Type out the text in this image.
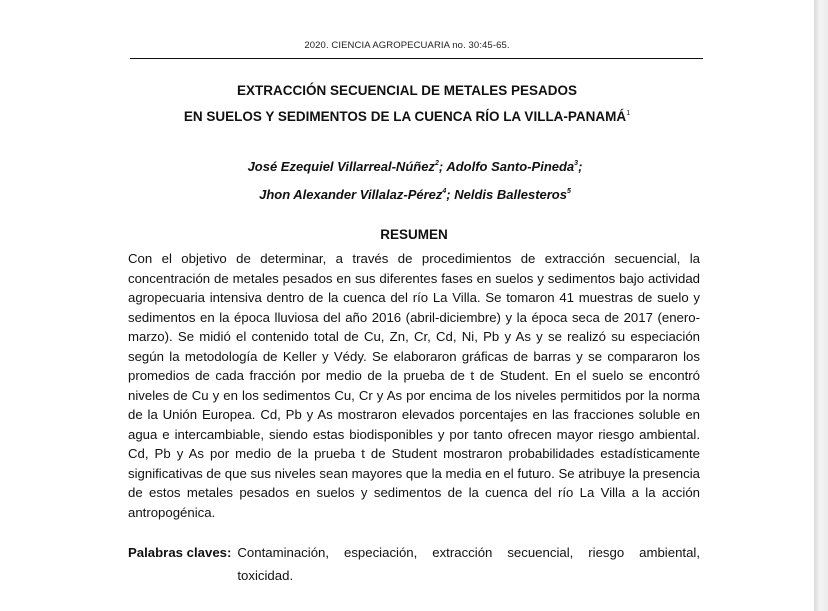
2020. CIENCIA AGROPECUARIA no. 30:45-65.
EXTRACCIÓN SECUENCIAL DE METALES PESADOS
EN SUELOS Y SEDIMENTOS DE LA CUENCA RÍO LA VILLA-PANAMÁ$^1$
José Ezequiel Villarreal-Núñez$^2$; Adolfo Santo-Pineda$^3$;
Jhon Alexander Villalaz-Pérez$^4$; Neldis Ballesteros$^5$
RESUMEN

Con el objetivo de determinar, a través de procedimientos de extracción secuencial, la concentración de metales pesados en sus diferentes fases en suelos y sedimentos bajo actividad agropecuaria intensiva dentro de la cuenca del río La Villa. Se tomaron 41 muestras de suelo y sedimentos en la época lluviosa del año 2016 (abril-diciembre) y la época seca de 2017 (enero-marzo). Se midió el contenido total de Cu, Zn, Cr, Cd, Ni, Pb y As y se realizó su especiación según la metodología de Keller y Védy. Se elaboraron gráficas de barras y se compararon los promedios de cada fracción por medio de la prueba de t de Student. En el suelo se encontró niveles de Cu y en los sedimentos Cu, Cr y As por encima de los niveles permitidos por la norma de la Unión Europea. Cd, Pb y As mostraron elevados porcentajes en las fracciones soluble en agua e intercambiable, siendo estas biodisponibles y por tanto ofrecen mayor riesgo ambiental. Cd, Pb y As por medio de la prueba t de Student mostraron probabilidades estadísticamente significativas de que sus niveles sean mayores que la media en el futuro. Se atribuye la presencia de estos metales pesados en suelos y sedimentos de la cuenca del río La Villa a la acción antropogénica.

Palabras claves: Contaminación, especiación, extracción secuencial, riesgo ambiental, toxicidad.
